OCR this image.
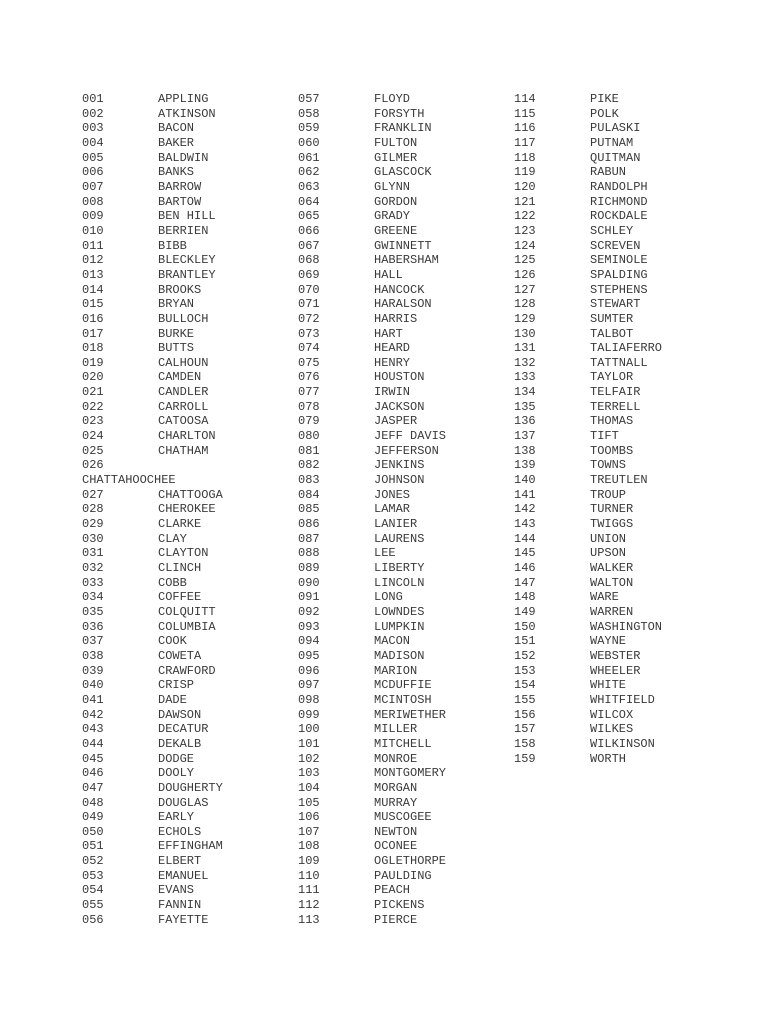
001	APPLING
002	ATKINSON
003	BACON
004	BAKER
005	BALDWIN
006	BANKS
007	BARROW
008	BARTOW
009	BEN HILL
010	BERRIEN
011	BIBB
012	BLECKLEY
013	BRANTLEY
014	BROOKS
015	BRYAN
016	BULLOCH
017	BURKE
018	BUTTS
019	CALHOUN
020	CAMDEN
021	CANDLER
022	CARROLL
023	CATOOSA
024	CHARLTON
025	CHATHAM
026
CHATTAHOOCHEE
027	CHATTOOGA
028	CHEROKEE
029	CLARKE
030	CLAY
031	CLAYTON
032	CLINCH
033	COBB
034	COFFEE
035	COLQUITT
036	COLUMBIA
037	COOK
038	COWETA
039	CRAWFORD
040	CRISP
041	DADE
042	DAWSON
043	DECATUR
044	DEKALB
045	DODGE
046	DOOLY
047	DOUGHERTY
048	DOUGLAS
049	EARLY
050	ECHOLS
051	EFFINGHAM
052	ELBERT
053	EMANUEL
054	EVANS
055	FANNIN
056	FAYETTE
057	FLOYD
058	FORSYTH
059	FRANKLIN
060	FULTON
061	GILMER
062	GLASCOCK
063	GLYNN
064	GORDON
065	GRADY
066	GREENE
067	GWINNETT
068	HABERSHAM
069	HALL
070	HANCOCK
071	HARALSON
072	HARRIS
073	HART
074	HEARD
075	HENRY
076	HOUSTON
077	IRWIN
078	JACKSON
079	JASPER
080	JEFF DAVIS
081	JEFFERSON
082	JENKINS
083	JOHNSON
084	JONES
085	LAMAR
086	LANIER
087	LAURENS
088	LEE
089	LIBERTY
090	LINCOLN
091	LONG
092	LOWNDES
093	LUMPKIN
094	MACON
095	MADISON
096	MARION
097	MCDUFFIE
098	MCINTOSH
099	MERIWETHER
100	MILLER
101	MITCHELL
102	MONROE
103	MONTGOMERY
104	MORGAN
105	MURRAY
106	MUSCOGEE
107	NEWTON
108	OCONEE
109	OGLETHORPE
110	PAULDING
111	PEACH
112	PICKENS
113	PIERCE
114	PIKE
115	POLK
116	PULASKI
117	PUTNAM
118	QUITMAN
119	RABUN
120	RANDOLPH
121	RICHMOND
122	ROCKDALE
123	SCHLEY
124	SCREVEN
125	SEMINOLE
126	SPALDING
127	STEPHENS
128	STEWART
129	SUMTER
130	TALBOT
131	TALIAFERRO
132	TATTNALL
133	TAYLOR
134	TELFAIR
135	TERRELL
136	THOMAS
137	TIFT
138	TOOMBS
139	TOWNS
140	TREUTLEN
141	TROUP
142	TURNER
143	TWIGGS
144	UNION
145	UPSON
146	WALKER
147	WALTON
148	WARE
149	WARREN
150	WASHINGTON
151	WAYNE
152	WEBSTER
153	WHEELER
154	WHITE
155	WHITFIELD
156	WILCOX
157	WILKES
158	WILKINSON
159	WORTH
